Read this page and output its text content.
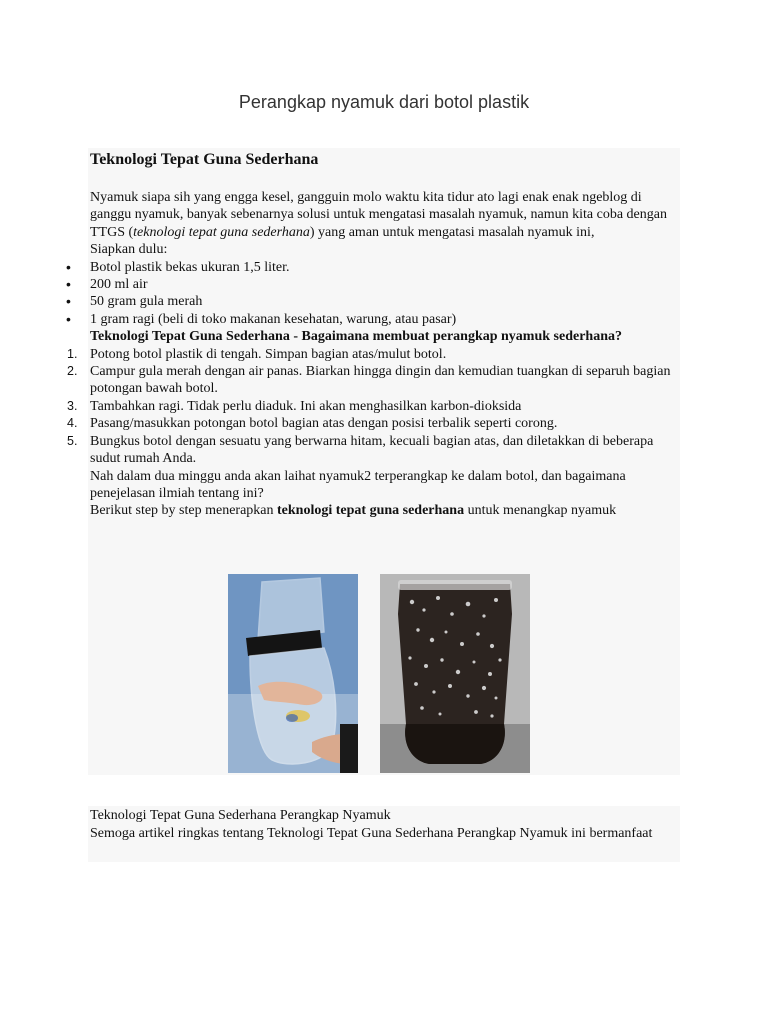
Perangkap nyamuk dari botol plastik

Teknologi Tepat Guna Sederhana

Nyamuk siapa sih yang engga kesel, gangguin molo waktu kita tidur ato lagi enak enak ngeblog di ganggu nyamuk, banyak sebenarnya solusi untuk mengatasi masalah nyamuk, namun kita coba dengan TTGS (teknologi tepat guna sederhana) yang aman untuk mengatasi masalah nyamuk ini,

Siapkan dulu:

• Botol plastik bekas ukuran 1,5 liter.
• 200 ml air
• 50 gram gula merah
• 1 gram ragi (beli di toko makanan kesehatan, warung, atau pasar)

Teknologi Tepat Guna Sederhana - Bagaimana membuat perangkap nyamuk sederhana?

1. Potong botol plastik di tengah. Simpan bagian atas/mulut botol.
2. Campur gula merah dengan air panas. Biarkan hingga dingin dan kemudian tuangkan di separuh bagian potongan bawah botol.
3. Tambahkan ragi. Tidak perlu diaduk. Ini akan menghasilkan karbon-dioksida
4. Pasang/masukkan potongan botol bagian atas dengan posisi terbalik seperti corong.
5. Bungkus botol dengan sesuatu yang berwarna hitam, kecuali bagian atas, dan diletakkan di beberapa sudut rumah Anda.

Nah dalam dua minggu anda akan laihat nyamuk2 terperangkap ke dalam botol, dan bagaimana penejelasan ilmiah tentang ini?

Berikut step by step menerapkan teknologi tepat guna sederhana untuk menangkap nyamuk

Teknologi Tepat Guna Sederhana Perangkap Nyamuk
Semoga artikel ringkas tentang Teknologi Tepat Guna Sederhana Perangkap Nyamuk ini bermanfaat
